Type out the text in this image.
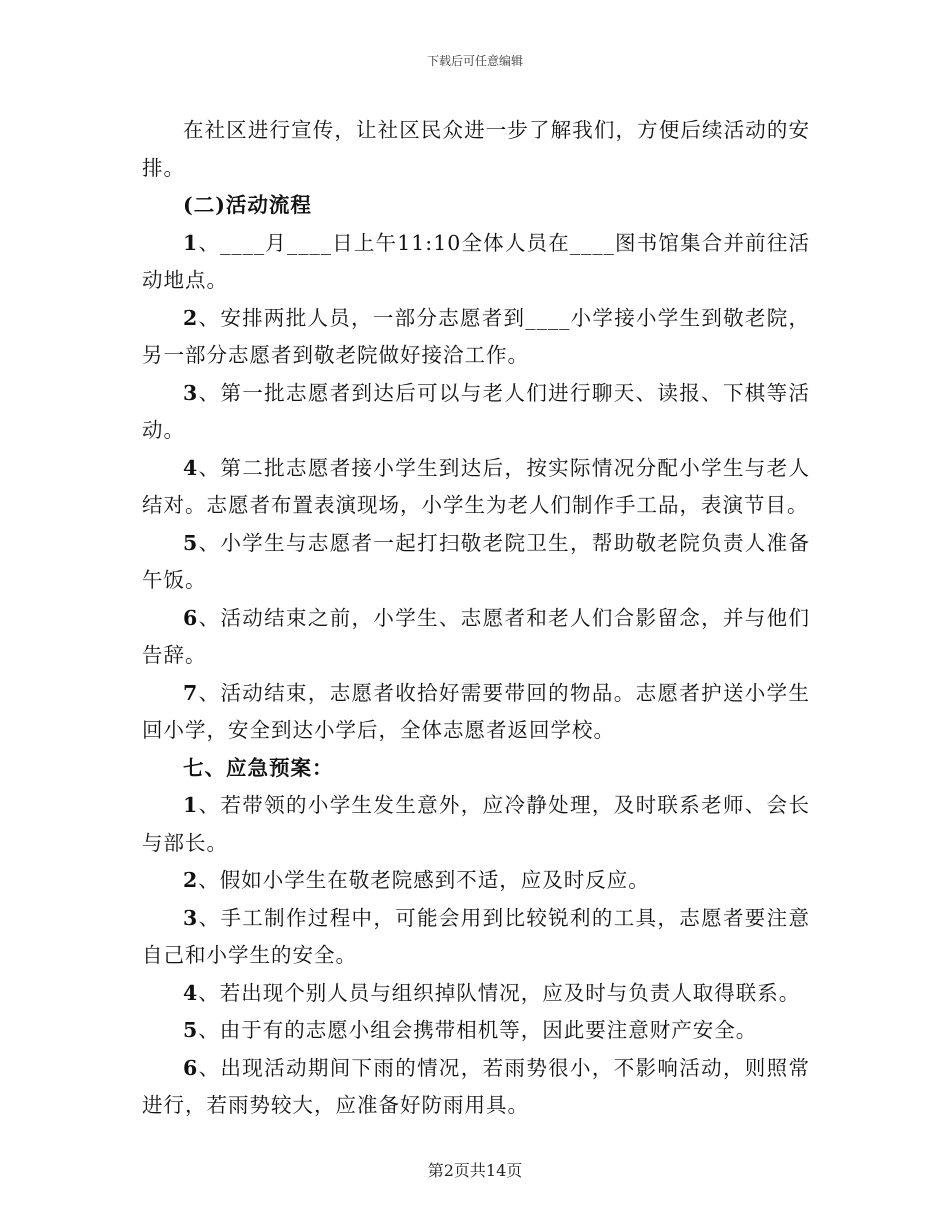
下载后可任意编辑

在社区进行宣传，让社区民众进一步了解我们，方便后续活动的安排。

(二)活动流程

1、____月____日上午11:10全体人员在____图书馆集合并前往活动地点。

2、安排两批人员，一部分志愿者到____小学接小学生到敬老院，另一部分志愿者到敬老院做好接洽工作。

3、第一批志愿者到达后可以与老人们进行聊天、读报、下棋等活动。

4、第二批志愿者接小学生到达后，按实际情况分配小学生与老人结对。志愿者布置表演现场，小学生为老人们制作手工品，表演节目。

5、小学生与志愿者一起打扫敬老院卫生，帮助敬老院负责人准备午饭。

6、活动结束之前，小学生、志愿者和老人们合影留念，并与他们告辞。

7、活动结束，志愿者收拾好需要带回的物品。志愿者护送小学生回小学，安全到达小学后，全体志愿者返回学校。

七、应急预案：

1、若带领的小学生发生意外，应冷静处理，及时联系老师、会长与部长。

2、假如小学生在敬老院感到不适，应及时反应。

3、手工制作过程中，可能会用到比较锐利的工具，志愿者要注意自己和小学生的安全。

4、若出现个别人员与组织掉队情况，应及时与负责人取得联系。

5、由于有的志愿小组会携带相机等，因此要注意财产安全。

6、出现活动期间下雨的情况，若雨势很小，不影响活动，则照常进行，若雨势较大，应准备好防雨用具。

第2页共14页
